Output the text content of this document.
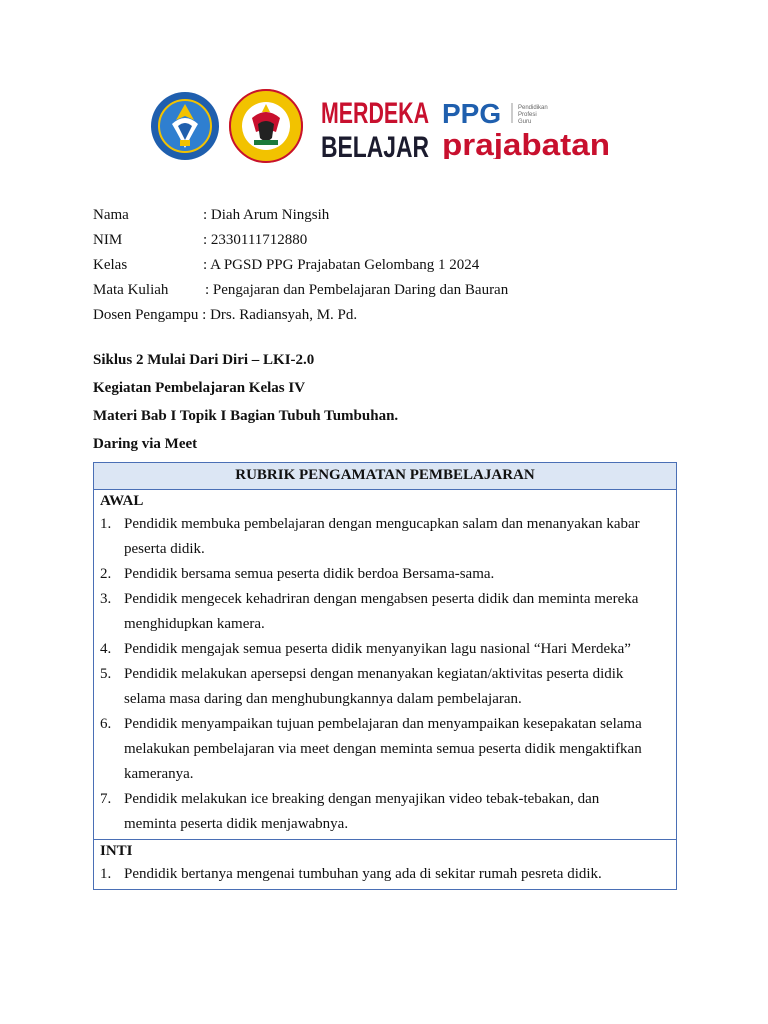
MERDEKA
BELAJAR
PPG	Pendidikan
Profesi
Guru
prajabatan
Nama	: Diah Arum Ningsih
NIM	: 2330111712880
Kelas	: A PGSD PPG Prajabatan Gelombang 1 2024
Mata Kuliah : Pengajaran dan Pembelajaran Daring dan Bauran
Dosen Pengampu : Drs. Radiansyah, M. Pd.
Siklus 2 Mulai Dari Diri – LKI-2.0
Kegiatan Pembelajaran Kelas IV
Materi Bab I Topik I Bagian Tubuh Tumbuhan.
Daring via Meet
RUBRIK PENGAMATAN PEMBELAJARAN
AWAL
1. Pendidik membuka pembelajaran dengan mengucapkan salam dan menanyakan kabar
peserta didik.
2. Pendidik bersama semua peserta didik berdoa Bersama-sama.
3. Pendidik mengecek kehadriran dengan mengabsen peserta didik dan meminta mereka
menghidupkan kamera.
4. Pendidik mengajak semua peserta didik menyanyikan lagu nasional “Hari Merdeka”
5. Pendidik melakukan apersepsi dengan menanyakan kegiatan/aktivitas peserta didik
selama masa daring dan menghubungkannya dalam pembelajaran.
6. Pendidik menyampaikan tujuan pembelajaran dan menyampaikan kesepakatan selama
melakukan pembelajaran via meet dengan meminta semua peserta didik mengaktifkan
kameranya.
7. Pendidik melakukan ice breaking dengan menyajikan video tebak-tebakan, dan
meminta peserta didik menjawabnya.
INTI
1. Pendidik bertanya mengenai tumbuhan yang ada di sekitar rumah pesreta didik.
